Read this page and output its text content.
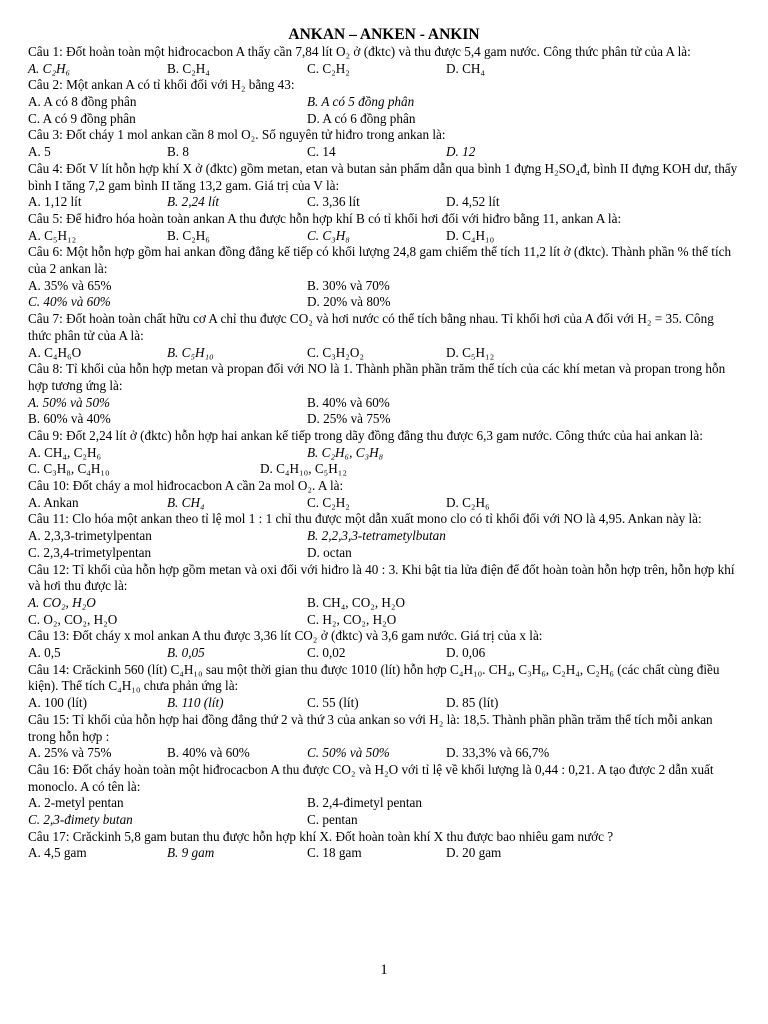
ANKAN – ANKEN - ANKIN
Câu 1: Đốt hoàn toàn một hiđrocacbon A thấy cần 7,84 lít O₂ ở (đktc) và thu được 5,4 gam nước. Công thức phân tử của A là:
A. C₂H₆	B. C₂H₄	C. C₂H₂	D. CH₄
Câu 2: Một ankan A có tỉ khối đối với H₂ bằng 43:
A. A có 8 đồng phân	B. A có 5 đồng phân
C. A có 9 đồng phân	D. A có 6 đồng phân
Câu 3: Đốt cháy 1 mol ankan cần 8 mol O₂. Số nguyên tử hiđro trong ankan là:
A. 5	B. 8	C. 14	D. 12
Câu 4: Đốt V lít hỗn hợp khí X ở (đktc) gồm metan, etan và butan sản phẩm dẫn qua bình 1 đựng H₂SO₄đ, bình II đựng KOH dư, thấy bình I tăng 7,2 gam bình II tăng 13,2 gam. Giá trị của V là:
A. 1,12 lít	B. 2,24 lít	C. 3,36 lít	D. 4,52 lít
Câu 5: Để hiđro hóa hoàn toàn ankan A thu được hỗn hợp khí B có tỉ khối hơi đối với hiđro bằng 11, ankan A là:
A. C₅H₁₂	B. C₂H₆	C. C₃H₈	D. C₄H₁₀
Câu 6: Một hỗn hợp gồm hai ankan đồng đẳng kế tiếp có khối lượng 24,8 gam chiếm thể tích 11,2 lít ở (đktc). Thành phần % thể tích của 2 ankan là:
A. 35% và 65%	B. 30% và 70%
C. 40% và 60%	D. 20% và 80%
Câu 7: Đốt hoàn toàn chất hữu cơ A chỉ thu được CO₂ và hơi nước có thể tích bằng nhau. Tỉ khối hơi của A đối với H₂ = 35. Công thức phân tử của A là:
A. C₄H₆O	B. C₅H₁₀	C. C₃H₂O₂	D. C₅H₁₂
Câu 8: Tỉ khối của hỗn hợp metan và propan đối với NO là 1. Thành phần phần trăm thể tích của các khí metan và propan trong hỗn hợp tương ứng là:
A. 50% và 50%	B. 40% và 60%
B. 60% và 40%	D. 25% và 75%
Câu 9: Đốt 2,24 lít ở (đktc) hỗn hợp hai ankan kế tiếp trong dãy đồng đẳng thu được 6,3 gam nước. Công thức của hai ankan là:
A. CH₄, C₂H₆	B. C₂H₆, C₃H₈
C. C₃H₈, C₄H₁₀	D. C₄H₁₀, C₅H₁₂
Câu 10: Đốt cháy a mol hiđrocacbon A cần 2a mol O₂. A là:
A. Ankan	B. CH₄	C. C₂H₂	D. C₂H₆
Câu 11: Clo hóa một ankan theo tỉ lệ mol 1 : 1 chỉ thu được một dẫn xuất mono clo có tỉ khối đối với NO là 4,95. Ankan này là:
A. 2,3,3-trimetylpentan	B. 2,2,3,3-tetrametylbutan
C. 2,3,4-trimetylpentan	D. octan
Câu 12: Tỉ khối của hỗn hợp gồm metan và oxi đối với hiđro là 40 : 3. Khi bật tia lửa điện để đốt hoàn toàn hỗn hợp trên, hỗn hợp khí và hơi thu được là:
A. CO₂, H₂O	B. CH₄, CO₂, H₂O
C. O₂, CO₂, H₂O	C. H₂, CO₂, H₂O
Câu 13: Đốt cháy x mol ankan A thu được 3,36 lít CO₂ ở (đktc) và 3,6 gam nước. Giá trị của x là:
A. 0,5	B. 0,05	C. 0,02	D. 0,06
Câu 14: Crăckinh 560 (lít) C₄H₁₀ sau một thời gian thu được 1010 (lít) hỗn hợp C₄H₁₀. CH₄, C₃H₆, C₂H₄, C₂H₆ (các chất cùng điều kiện). Thể tích C₄H₁₀ chưa phản ứng là:
A. 100 (lít)	B. 110 (lít)	C. 55 (lít)	D. 85 (lít)
Câu 15: Tỉ khối của hỗn hợp hai đồng đẳng thứ 2 và thứ 3 của ankan so với H₂ là: 18,5. Thành phần phần trăm thể tích mỗi ankan trong hỗn hợp :
A. 25% và 75%	B. 40% và 60%	C. 50% và 50%	D. 33,3% và 66,7%
Câu 16: Đốt cháy hoàn toàn một hiđrocacbon A thu được CO₂ và H₂O với tỉ lệ về khối lượng là 0,44 : 0,21. A tạo được 2 dẫn xuất monoclo. A có tên là:
A. 2-metyl pentan	B. 2,4-đimetyl pentan
C. 2,3-đimety butan	C. pentan
Câu 17: Crăckinh 5,8 gam butan thu được hỗn hợp khí X. Đốt hoàn toàn khí X thu được bao nhiêu gam nước ?
A. 4,5 gam	B. 9 gam	C. 18 gam	D. 20 gam
1
